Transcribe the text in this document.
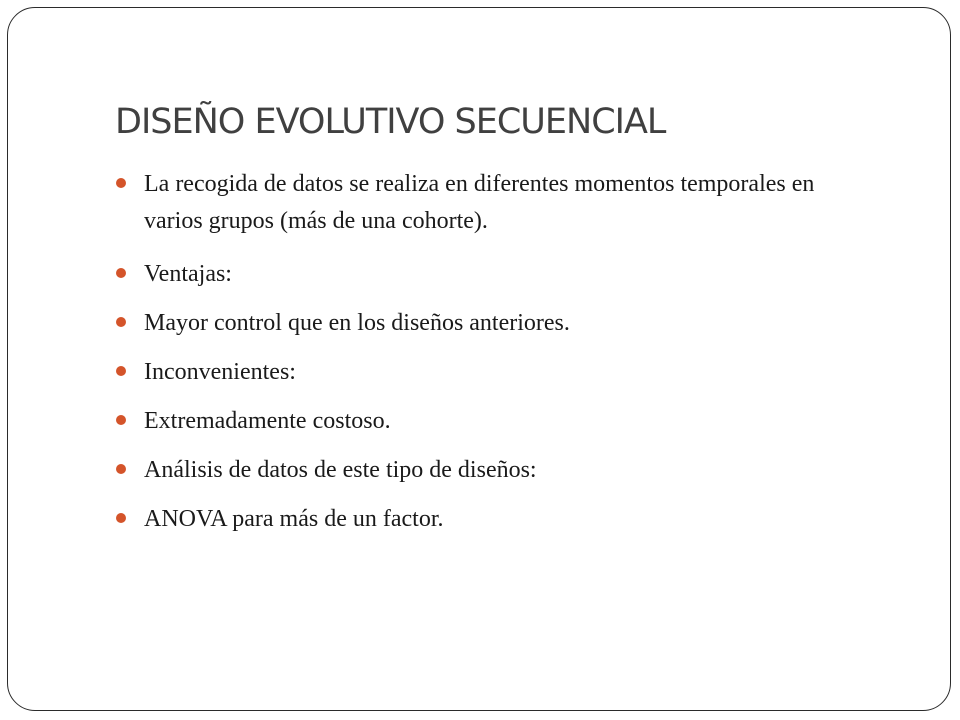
DISEÑO EVOLUTIVO SECUENCIAL
La recogida de datos se realiza en diferentes momentos temporales en varios grupos (más de una cohorte).
Ventajas:
Mayor control que en los diseños anteriores.
Inconvenientes:
Extremadamente costoso.
Análisis de datos de este tipo de diseños:
ANOVA para más de un factor.
